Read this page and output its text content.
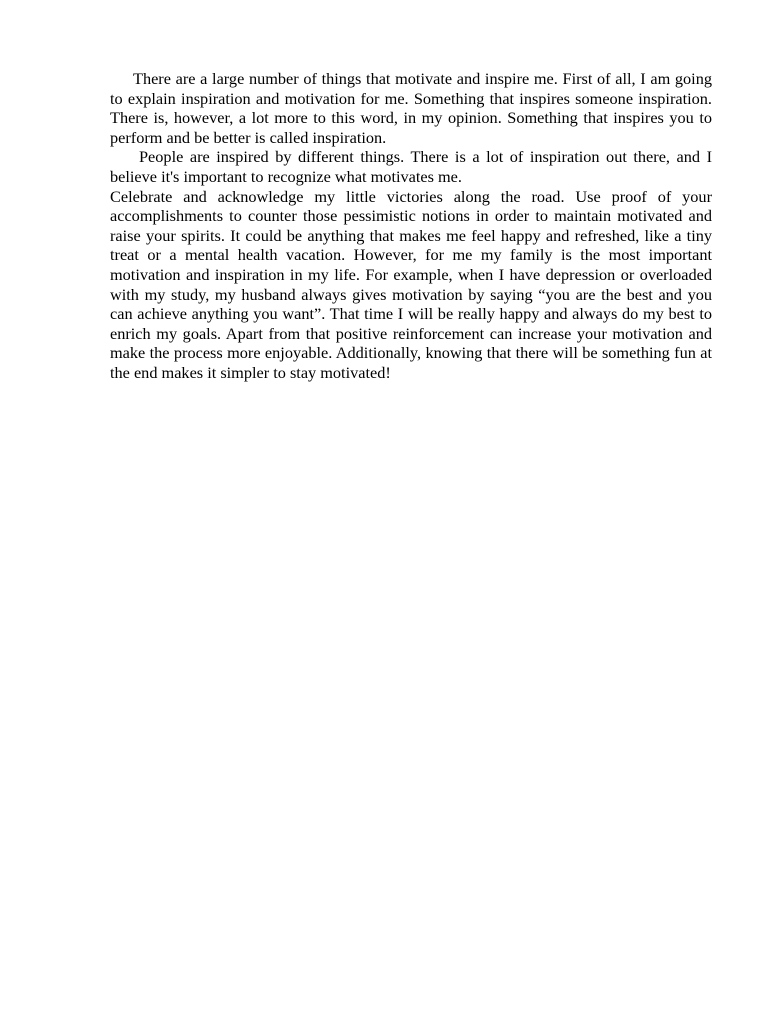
There are a large number of things that motivate and inspire me. First of all, I am going to explain inspiration and motivation for me. Something that inspires someone inspiration. There is, however, a lot more to this word, in my opinion. Something that inspires you to perform and be better is called inspiration.

People are inspired by different things. There is a lot of inspiration out there, and I believe it's important to recognize what motivates me.

Celebrate and acknowledge my little victories along the road. Use proof of your accomplishments to counter those pessimistic notions in order to maintain motivated and raise your spirits. It could be anything that makes me feel happy and refreshed, like a tiny treat or a mental health vacation. However, for me my family is the most important motivation and inspiration in my life. For example, when I have depression or overloaded with my study, my husband always gives motivation by saying “you are the best and you can achieve anything you want”. That time I will be really happy and always do my best to enrich my goals. Apart from that positive reinforcement can increase your motivation and make the process more enjoyable. Additionally, knowing that there will be something fun at the end makes it simpler to stay motivated!
